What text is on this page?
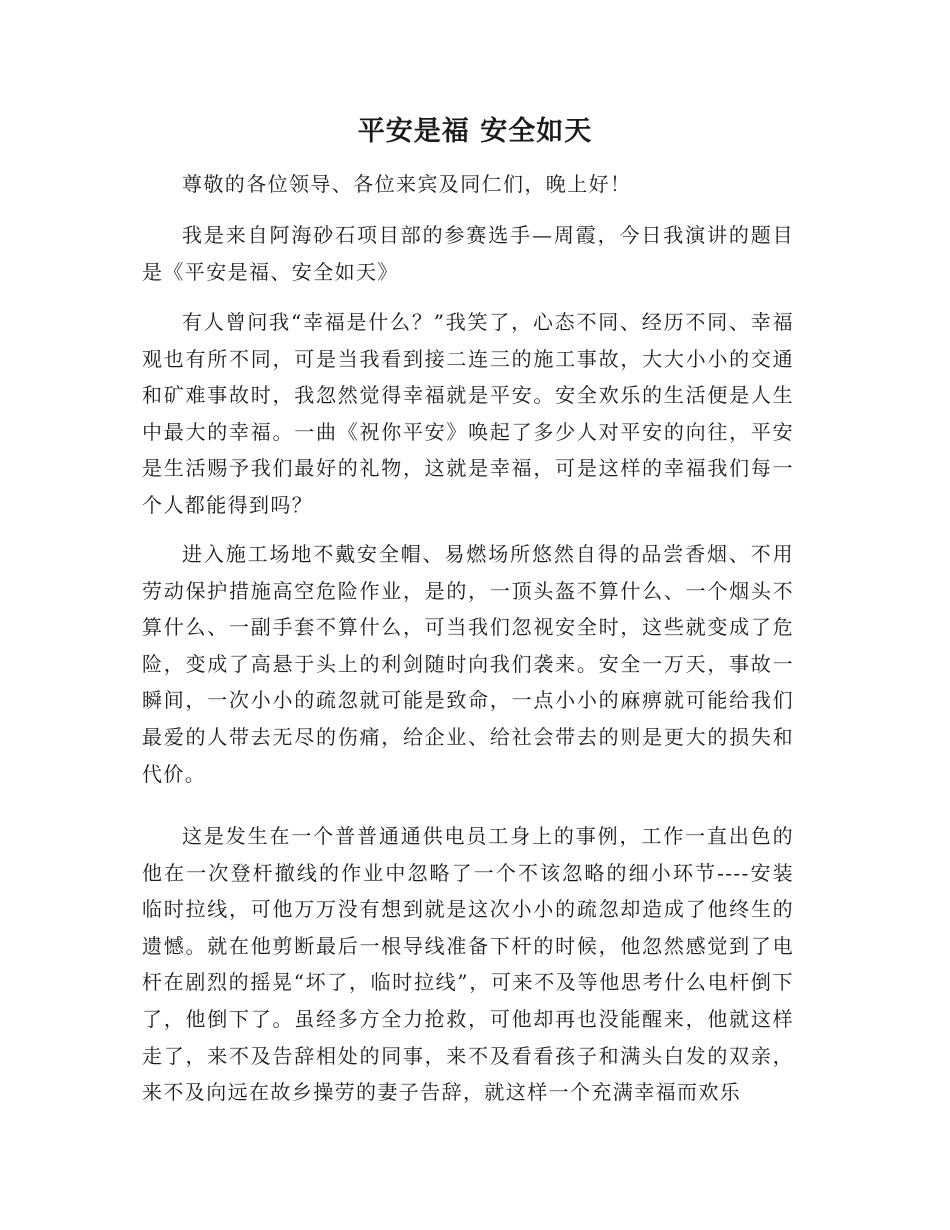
平安是福 安全如天

尊敬的各位领导、各位来宾及同仁们，晚上好！

我是来自阿海砂石项目部的参赛选手—周霞，今日我演讲的题目是《平安是福、安全如天》

有人曾问我“幸福是什么？”我笑了，心态不同、经历不同、幸福观也有所不同，可是当我看到接二连三的施工事故，大大小小的交通和矿难事故时，我忽然觉得幸福就是平安。安全欢乐的生活便是人生中最大的幸福。一曲《祝你平安》唤起了多少人对平安的向往，平安是生活赐予我们最好的礼物，这就是幸福，可是这样的幸福我们每一个人都能得到吗？

进入施工场地不戴安全帽、易燃场所悠然自得的品尝香烟、不用劳动保护措施高空危险作业，是的，一顶头盔不算什么、一个烟头不算什么、一副手套不算什么，可当我们忽视安全时，这些就变成了危险，变成了高悬于头上的利剑随时向我们袭来。安全一万天，事故一瞬间，一次小小的疏忽就可能是致命，一点小小的麻痹就可能给我们最爱的人带去无尽的伤痛，给企业、给社会带去的则是更大的损失和代价。

这是发生在一个普普通通供电员工身上的事例，工作一直出色的他在一次登杆撤线的作业中忽略了一个不该忽略的细小环节----安装临时拉线，可他万万没有想到就是这次小小的疏忽却造成了他终生的遗憾。就在他剪断最后一根导线准备下杆的时候，他忽然感觉到了电杆在剧烈的摇晃“坏了，临时拉线”，可来不及等他思考什么电杆倒下了，他倒下了。虽经多方全力抢救，可他却再也没能醒来，他就这样走了，来不及告辞相处的同事，来不及看看孩子和满头白发的双亲，来不及向远在故乡操劳的妻子告辞，就这样一个充满幸福而欢乐
